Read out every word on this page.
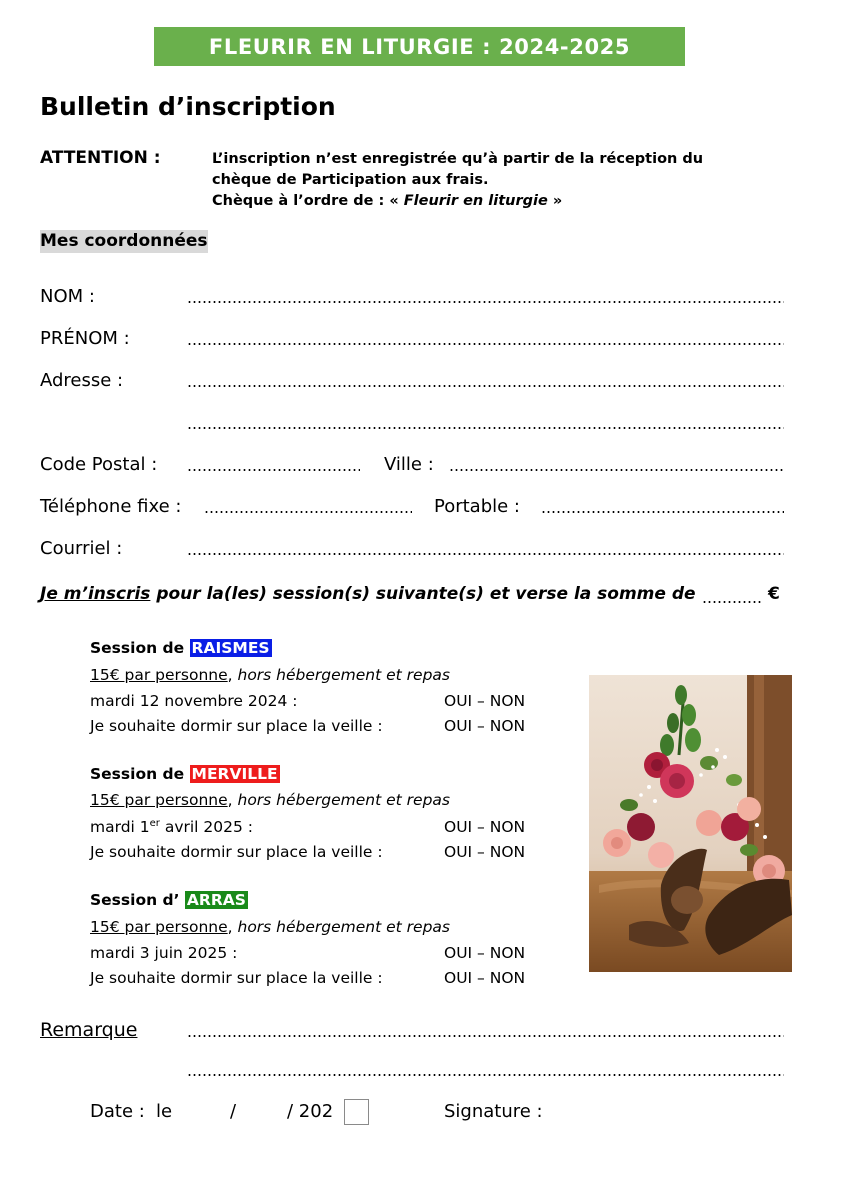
FLEURIR EN LITURGIE : 2024-2025
Bulletin d’inscription
ATTENTION :	L’inscription n’est enregistrée qu’à partir de la réception du
chèque de Participation aux frais.
Chèque à l’ordre de : « Fleurir en liturgie »
Mes coordonnées
NOM :
PRÉNOM :
Adresse :
Code Postal :	Ville :
Téléphone fixe :	Portable :
Courriel :
Je m’inscris pour la(les) session(s) suivante(s) et verse la somme de	€
Session de RAISMES
15€ par personne, hors hébergement et repas
mardi 12 novembre 2024 :	OUI – NON
Je souhaite dormir sur place la veille :	OUI – NON
Session de MERVILLE
15€ par personne, hors hébergement et repas
mardi 1er avril 2025 :	OUI – NON
Je souhaite dormir sur place la veille :	OUI – NON
Session d’ ARRAS
15€ par personne, hors hébergement et repas
mardi 3 juin 2025 :	OUI – NON
Je souhaite dormir sur place la veille :	OUI – NON
Remarque
Date : le	/	/ 202	Signature :
